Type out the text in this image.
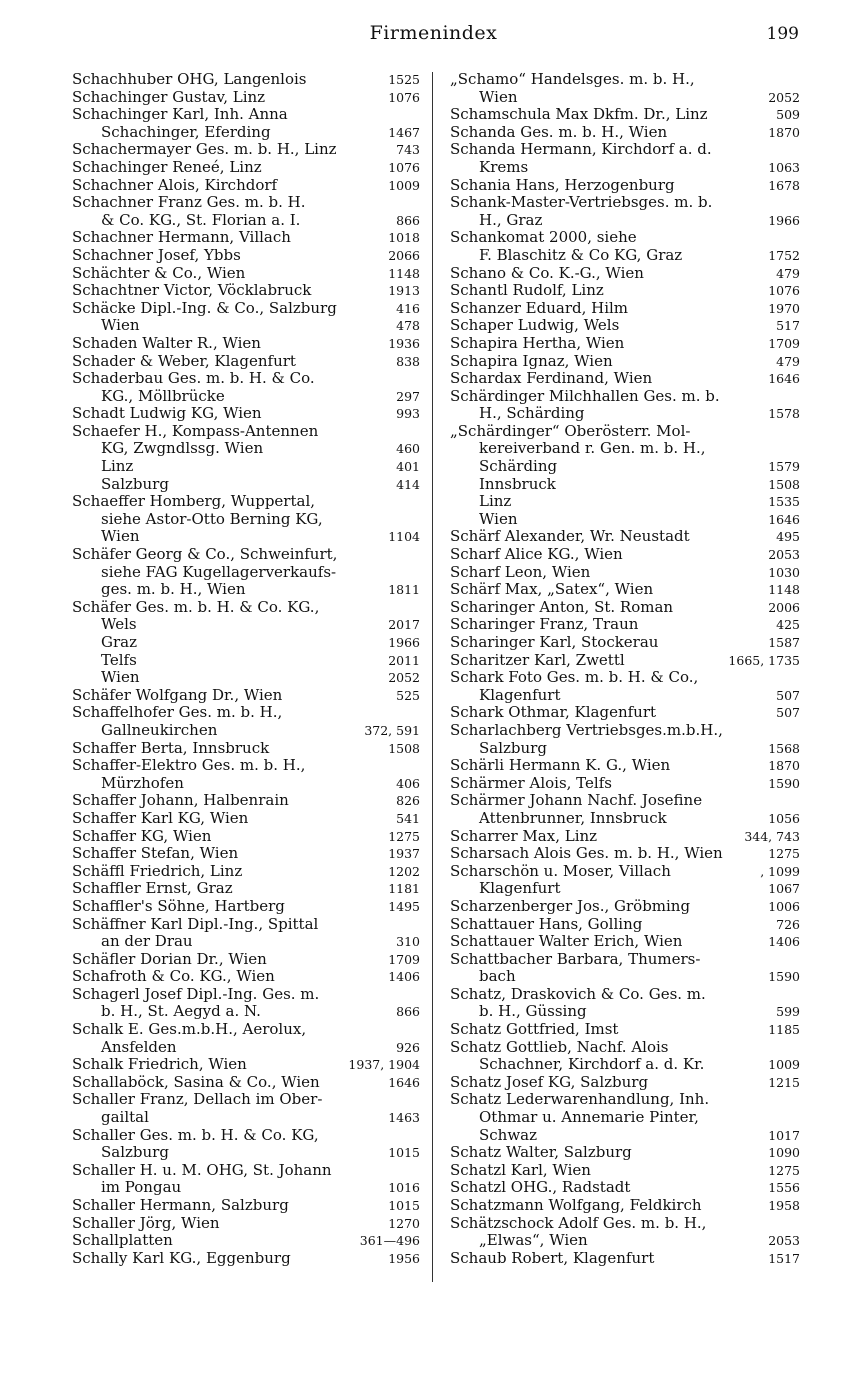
Firmenindex	199
Schachhuber OHG, Langenlois	1525
Schachinger Gustav, Linz	1076
Schachinger Karl, Inh. Anna
Schachinger, Eferding	1467
Schachermayer Ges. m. b. H., Linz	743
Schachinger Reneé, Linz	1076
Schachner Alois, Kirchdorf	1009
Schachner Franz Ges. m. b. H.
& Co. KG., St. Florian a. I.	866
Schachner Hermann, Villach	1018
Schachner Josef, Ybbs	2066
Schächter & Co., Wien	1148
Schachtner Victor, Vöcklabruck	1913
Schäcke Dipl.-Ing. & Co., Salzburg	416
Wien	478
Schaden Walter R., Wien	1936
Schader & Weber, Klagenfurt	838
Schaderbau Ges. m. b. H. & Co.
KG., Möllbrücke	297
Schadt Ludwig KG, Wien	993
Schaefer H., Kompass-Antennen
KG, Zwgndlssg. Wien	460
Linz	401
Salzburg	414
Schaeffer Homberg, Wuppertal,
siehe Astor-Otto Berning KG,
Wien	1104
Schäfer Georg & Co., Schweinfurt,
siehe FAG Kugellagerverkaufs-
ges. m. b. H., Wien	1811
Schäfer Ges. m. b. H. & Co. KG.,
Wels	2017
Graz	1966
Telfs	2011
Wien	2052
Schäfer Wolfgang Dr., Wien	525
Schaffelhofer Ges. m. b. H.,
Gallneukirchen	372, 591
Schaffer Berta, Innsbruck	1508
Schaffer-Elektro Ges. m. b. H.,
Mürzhofen	406
Schaffer Johann, Halbenrain	826
Schaffer Karl KG, Wien	541
Schaffer KG, Wien	1275
Schaffer Stefan, Wien	1937
Schäffl Friedrich, Linz	1202
Schaffler Ernst, Graz	1181
Schaffler's Söhne, Hartberg	1495
Schäffner Karl Dipl.-Ing., Spittal
an der Drau	310
Schäfler Dorian Dr., Wien	1709
Schafroth & Co. KG., Wien	1406
Schagerl Josef Dipl.-Ing. Ges. m.
b. H., St. Aegyd a. N.	866
Schalk E. Ges.m.b.H., Aerolux,
Ansfelden	926
Schalk Friedrich, Wien	1937, 1904
Schallaböck, Sasina & Co., Wien	1646
Schaller Franz, Dellach im Ober-
gailtal	1463
Schaller Ges. m. b. H. & Co. KG,
Salzburg	1015
Schaller H. u. M. OHG, St. Johann
im Pongau	1016
Schaller Hermann, Salzburg	1015
Schaller Jörg, Wien	1270
Schallplatten	361—496
Schally Karl KG., Eggenburg	1956
„Schamo“ Handelsges. m. b. H.,
Wien	2052
Schamschula Max Dkfm. Dr., Linz	509
Schanda Ges. m. b. H., Wien	1870
Schanda Hermann, Kirchdorf a. d.
Krems	1063
Schania Hans, Herzogenburg	1678
Schank-Master-Vertriebsges. m. b.
H., Graz	1966
Schankomat 2000, siehe
F. Blaschitz & Co KG, Graz	1752
Schano & Co. K.-G., Wien	479
Schantl Rudolf, Linz	1076
Schanzer Eduard, Hilm	1970
Schaper Ludwig, Wels	517
Schapira Hertha, Wien	1709
Schapira Ignaz, Wien	479
Schardax Ferdinand, Wien	1646
Schärdinger Milchhallen Ges. m. b.
H., Schärding	1578
„Schärdinger“ Oberösterr. Mol-
kereiverband r. Gen. m. b. H.,
Schärding	1579
Innsbruck	1508
Linz	1535
Wien	1646
Schärf Alexander, Wr. Neustadt	495
Scharf Alice KG., Wien	2053
Scharf Leon, Wien	1030
Schärf Max, „Satex“, Wien	1148
Scharinger Anton, St. Roman	2006
Scharinger Franz, Traun	425
Scharinger Karl, Stockerau	1587
Scharitzer Karl, Zwettl	1665, 1735
Schark Foto Ges. m. b. H. & Co.,
Klagenfurt	507
Schark Othmar, Klagenfurt	507
Scharlachberg Vertriebsges.m.b.H.,
Salzburg	1568
Schärli Hermann K. G., Wien	1870
Schärmer Alois, Telfs	1590
Schärmer Johann Nachf. Josefine
Attenbrunner, Innsbruck	1056
Scharrer Max, Linz	344, 743
Scharsach Alois Ges. m. b. H., Wien	1275
Scharschön u. Moser, Villach	, 1099
Klagenfurt	1067
Scharzenberger Jos., Gröbming	1006
Schattauer Hans, Golling	726
Schattauer Walter Erich, Wien	1406
Schattbacher Barbara, Thumers-
bach	1590
Schatz, Draskovich & Co. Ges. m.
b. H., Güssing	599
Schatz Gottfried, Imst	1185
Schatz Gottlieb, Nachf. Alois
Schachner, Kirchdorf a. d. Kr.	1009
Schatz Josef KG, Salzburg	1215
Schatz Lederwarenhandlung, Inh.
Othmar u. Annemarie Pinter,
Schwaz	1017
Schatz Walter, Salzburg	1090
Schatzl Karl, Wien	1275
Schatzl OHG., Radstadt	1556
Schatzmann Wolfgang, Feldkirch	1958
Schätzschock Adolf Ges. m. b. H.,
„Elwas“, Wien	2053
Schaub Robert, Klagenfurt	1517
